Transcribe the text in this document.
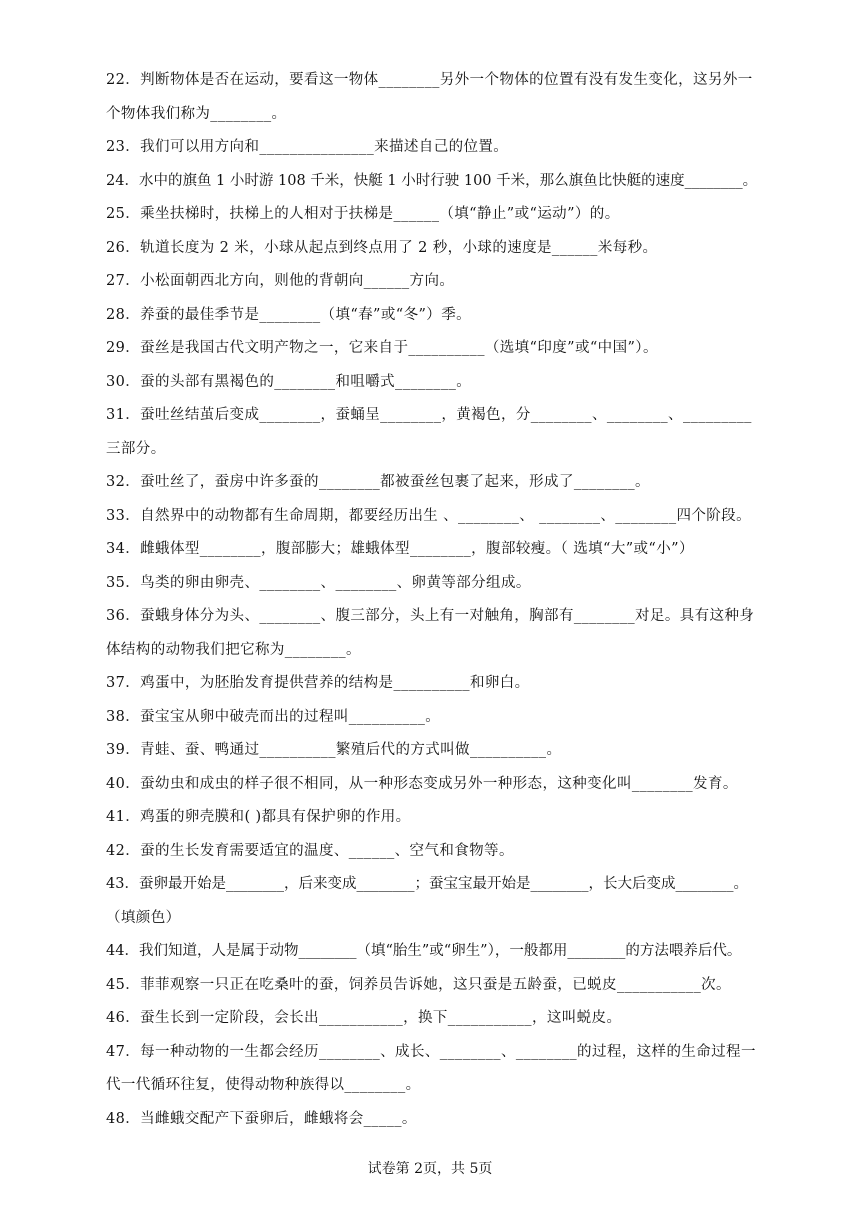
22．判断物体是否在运动，要看这一物体________另外一个物体的位置有没有发生变化，这另外一
个物体我们称为________。
23．我们可以用方向和_______________来描述自己的位置。
24．水中的旗鱼 1 小时游 108 千米，快艇 1 小时行驶 100 千米，那么旗鱼比快艇的速度________。
25．乘坐扶梯时，扶梯上的人相对于扶梯是______（填“静止”或“运动”）的。
26．轨道长度为 2 米，小球从起点到终点用了 2 秒，小球的速度是______米每秒。
27．小松面朝西北方向，则他的背朝向______方向。
28．养蚕的最佳季节是________（填“春”或“冬”）季。
29．蚕丝是我国古代文明产物之一，它来自于__________（选填“印度”或“中国”）。
30．蚕的头部有黑褐色的________和咀嚼式________。
31．蚕吐丝结茧后变成________，蚕蛹呈________，黄褐色，分________、________、_________
三部分。
32．蚕吐丝了，蚕房中许多蚕的________都被蚕丝包裹了起来，形成了________。
33．自然界中的动物都有生命周期，都要经历出生 、________、 ________、________四个阶段。
34．雌蛾体型________，腹部膨大；雄蛾体型________，腹部较瘦。（ 选填“大”或“小”）
35．鸟类的卵由卵壳、________、________、卵黄等部分组成。
36．蚕蛾身体分为头、________、腹三部分，头上有一对触角，胸部有________对足。具有这种身
体结构的动物我们把它称为________。
37．鸡蛋中，为胚胎发育提供营养的结构是__________和卵白。
38．蚕宝宝从卵中破壳而出的过程叫__________。
39．青蛙、蚕、鸭通过__________繁殖后代的方式叫做__________。
40．蚕幼虫和成虫的样子很不相同，从一种形态变成另外一种形态，这种变化叫________发育。
41．鸡蛋的卵壳膜和( )都具有保护卵的作用。
42．蚕的生长发育需要适宜的温度、______、空气和食物等。
43．蚕卵最开始是________，后来变成________；蚕宝宝最开始是________，长大后变成________。
（填颜色）
44．我们知道，人是属于动物________（填“胎生”或“卵生”），一般都用________的方法喂养后代。
45．菲菲观察一只正在吃桑叶的蚕，饲养员告诉她，这只蚕是五龄蚕，已蜕皮___________次。
46．蚕生长到一定阶段，会长出___________，换下___________，这叫蜕皮。
47．每一种动物的一生都会经历________、成长、________、________的过程，这样的生命过程一
代一代循环往复，使得动物种族得以________。
48．当雌蛾交配产下蚕卵后，雌蛾将会_____。
试卷第 2页，共 5页
